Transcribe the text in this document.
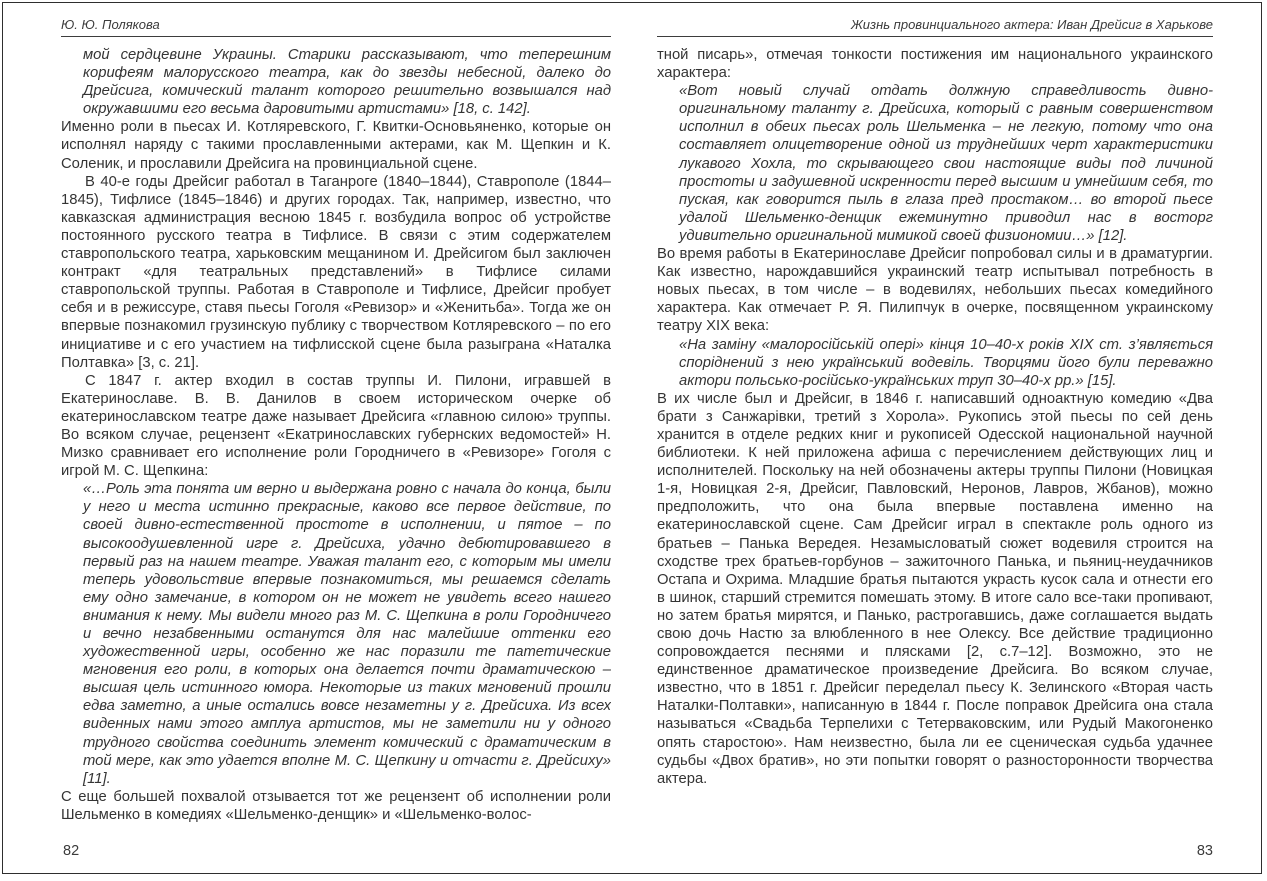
Ю. Ю. Полякова

мой сердцевине Украины. Старики рассказывают, что теперешним корифеям малорусского театра, как до звезды небесной, далеко до Дрейсига, комический талант которого решительно возвышался над окружавшими его весьма даровитыми артистами» [18, с. 142].

Именно роли в пьесах И. Котляревского, Г. Квитки-Основьяненко, которые он исполнял наряду с такими прославленными актерами, как М. Щепкин и К. Соленик, и прославили Дрейсига на провинциальной сцене.

В 40-е годы Дрейсиг работал в Таганроге (1840–1844), Ставрополе (1844–1845), Тифлисе (1845–1846) и других городах. Так, например, известно, что кавказская администрация весною 1845 г. возбудила вопрос об устройстве постоянного русского театра в Тифлисе. В связи с этим содержателем ставропольского театра, харьковским мещанином И. Дрейсигом был заключен контракт «для театральных представлений» в Тифлисе силами ставропольской труппы. Работая в Ставрополе и Тифлисе, Дрейсиг пробует себя и в режиссуре, ставя пьесы Гоголя «Ревизор» и «Женитьба». Тогда же он впервые познакомил грузинскую публику с творчеством Котляревского – по его инициативе и с его участием на тифлисской сцене была разыграна «Наталка Полтавка» [3, с. 21].

С 1847 г. актер входил в состав труппы И. Пилони, игравшей в Екатеринославе. В. В. Данилов в своем историческом очерке об екатеринославском театре даже называет Дрейсига «главною силою» труппы. Во всяком случае, рецензент «Екатринославских губернских ведомостей» Н. Мизко сравнивает его исполнение роли Городничего в «Ревизоре» Гоголя с игрой М. С. Щепкина:

«…Роль эта понята им верно и выдержана ровно с начала до конца, были у него и места истинно прекрасные, каково все первое действие, по своей дивно-естественной простоте в исполнении, и пятое – по высокоодушевленной игре г. Дрейсиха, удачно дебютировавшего в первый раз на нашем театре. Уважая талант его, с которым мы имели теперь удовольствие впервые познакомиться, мы решаемся сделать ему одно замечание, в котором он не может не увидеть всего нашего внимания к нему. Мы видели много раз М. С. Щепкина в роли Городничего и вечно незабвенными останутся для нас малейшие оттенки его художественной игры, особенно же нас поразили те патетические мгновения его роли, в которых она делается почти драматическою – высшая цель истинного юмора. Некоторые из таких мгновений прошли едва заметно, а иные остались вовсе незаметны у г. Дрейсиха. Из всех виденных нами этого амплуа артистов, мы не заметили ни у одного трудного свойства соединить элемент комический с драматическим в той мере, как это удается вполне М. С. Щепкину и отчасти г. Дрейсиху» [11].

С еще большей похвалой отзывается тот же рецензент об исполнении роли Шельменко в комедиях «Шельменко-денщик» и «Шельменко-волос-

82
Жизнь провинциального актера: Иван Дрейсиг в Харькове

тной писарь», отмечая тонкости постижения им национального украинского характера:

«Вот новый случай отдать должную справедливость дивно-оригинальному таланту г. Дрейсиха, который с равным совершенством исполнил в обеих пьесах роль Шельменка – не легкую, потому что она составляет олицетворение одной из труднейших черт характеристики лукавого Хохла, то скрывающего свои настоящие виды под личиной простоты и задушевной искренности перед высшим и умнейшим себя, то пуская, как говорится пыль в глаза пред простаком… во второй пьесе удалой Шельменко-денщик ежеминутно приводил нас в восторг удивительно оригинальной мимикой своей физиономии…» [12].

Во время работы в Екатеринославе Дрейсиг попробовал силы и в драматургии. Как известно, нарождавшийся украинский театр испытывал потребность в новых пьесах, в том числе – в водевилях, небольших пьесах комедийного характера. Как отмечает Р. Я. Пилипчук в очерке, посвященном украинскому театру XIX века:

«На заміну «малоросійській опері» кінця 10–40-х років XIX ст. з’являється споріднений з нею український водевіль. Творцями його були переважно актори польсько-російсько-українських труп 30–40-х рр.» [15].

В их числе был и Дрейсиг, в 1846 г. написавший одноактную комедию «Два брати з Санжарівки, третий з Хорола». Рукопись этой пьесы по сей день хранится в отделе редких книг и рукописей Одесской национальной научной библиотеки. К ней приложена афиша с перечислением действующих лиц и исполнителей. Поскольку на ней обозначены актеры труппы Пилони (Новицкая 1-я, Новицкая 2-я, Дрейсиг, Павловский, Неронов, Лавров, Жбанов), можно предположить, что она была впервые поставлена именно на екатеринославской сцене. Сам Дрейсиг играл в спектакле роль одного из братьев – Панька Вередея. Незамысловатый сюжет водевиля строится на сходстве трех братьев-горбунов – зажиточного Панька, и пьяниц-неудачников Остапа и Охрима. Младшие братья пытаются украсть кусок сала и отнести его в шинок, старший стремится помешать этому. В итоге сало все-таки пропивают, но затем братья мирятся, и Панько, растрогавшись, даже соглашается выдать свою дочь Настю за влюбленного в нее Олексу. Все действие традиционно сопровождается песнями и плясками [2, с.7–12]. Возможно, это не единственное драматическое произведение Дрейсига. Во всяком случае, известно, что в 1851 г. Дрейсиг переделал пьесу К. Зелинского «Вторая часть Наталки-Полтавки», написанную в 1844 г. После поправок Дрейсига она стала называться «Свадьба Терпелихи с Тетерваковским, или Рудый Макогоненко опять старостою». Нам неизвестно, была ли ее сценическая судьба удачнее судьбы «Двох братив», но эти попытки говорят о разносторонности творчества актера.

83
